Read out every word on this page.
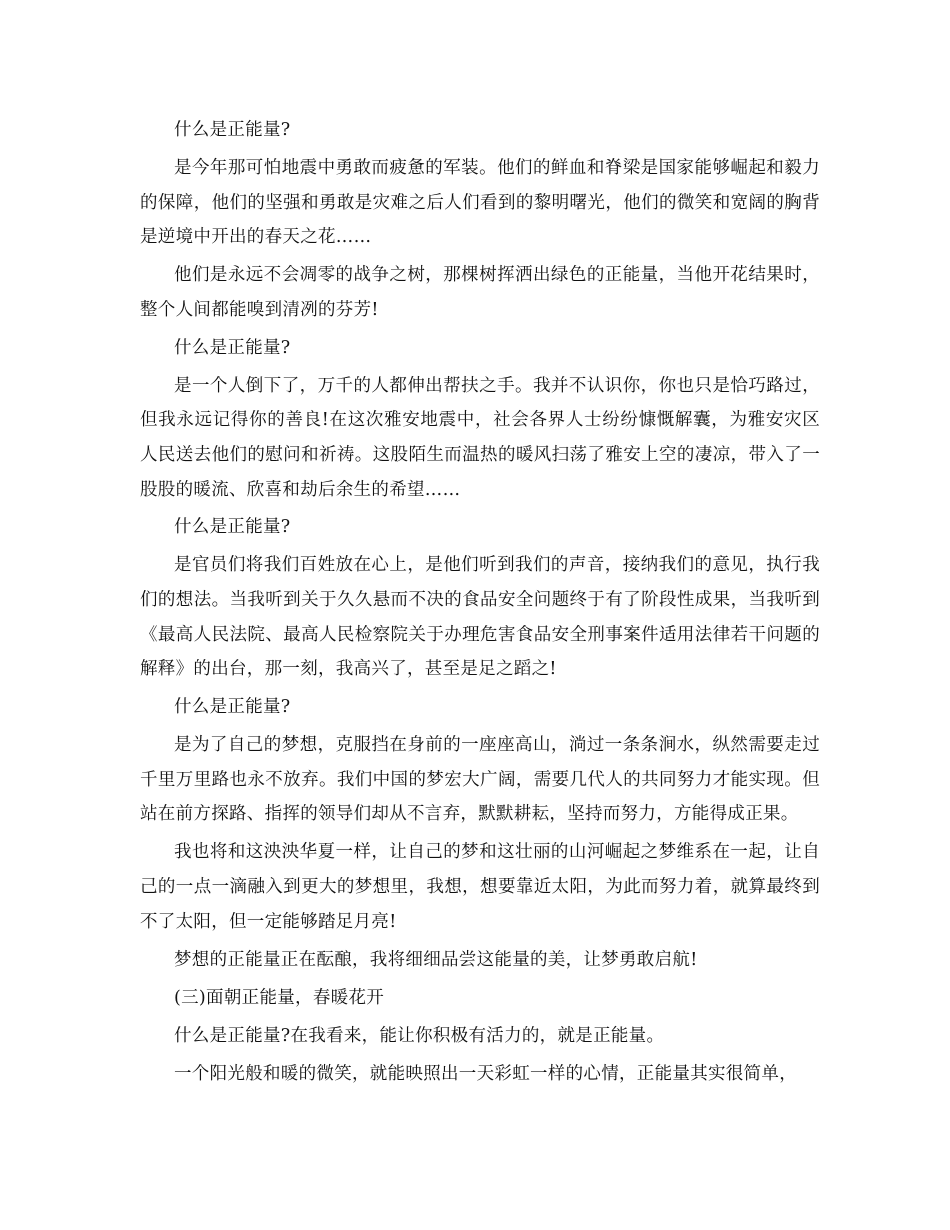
什么是正能量?

是今年那可怕地震中勇敢而疲惫的军装。他们的鲜血和脊梁是国家能够崛起和毅力的保障，他们的坚强和勇敢是灾难之后人们看到的黎明曙光，他们的微笑和宽阔的胸背是逆境中开出的春天之花……

他们是永远不会凋零的战争之树，那棵树挥洒出绿色的正能量，当他开花结果时，整个人间都能嗅到清冽的芬芳!

什么是正能量?

是一个人倒下了，万千的人都伸出帮扶之手。我并不认识你，你也只是恰巧路过，但我永远记得你的善良!在这次雅安地震中，社会各界人士纷纷慷慨解囊，为雅安灾区人民送去他们的慰问和祈祷。这股陌生而温热的暖风扫荡了雅安上空的凄凉，带入了一股股的暖流、欣喜和劫后余生的希望……

什么是正能量?

是官员们将我们百姓放在心上，是他们听到我们的声音，接纳我们的意见，执行我们的想法。当我听到关于久久悬而不决的食品安全问题终于有了阶段性成果，当我听到《最高人民法院、最高人民检察院关于办理危害食品安全刑事案件适用法律若干问题的解释》的出台，那一刻，我高兴了，甚至是足之蹈之!

什么是正能量?

是为了自己的梦想，克服挡在身前的一座座高山，淌过一条条涧水，纵然需要走过千里万里路也永不放弃。我们中国的梦宏大广阔，需要几代人的共同努力才能实现。但站在前方探路、指挥的领导们却从不言弃，默默耕耘，坚持而努力，方能得成正果。

我也将和这泱泱华夏一样，让自己的梦和这壮丽的山河崛起之梦维系在一起，让自己的一点一滴融入到更大的梦想里，我想，想要靠近太阳，为此而努力着，就算最终到不了太阳，但一定能够踏足月亮!

梦想的正能量正在酝酿，我将细细品尝这能量的美，让梦勇敢启航!

(三)面朝正能量，春暖花开

什么是正能量?在我看来，能让你积极有活力的，就是正能量。

一个阳光般和暖的微笑，就能映照出一天彩虹一样的心情，正能量其实很简单，
